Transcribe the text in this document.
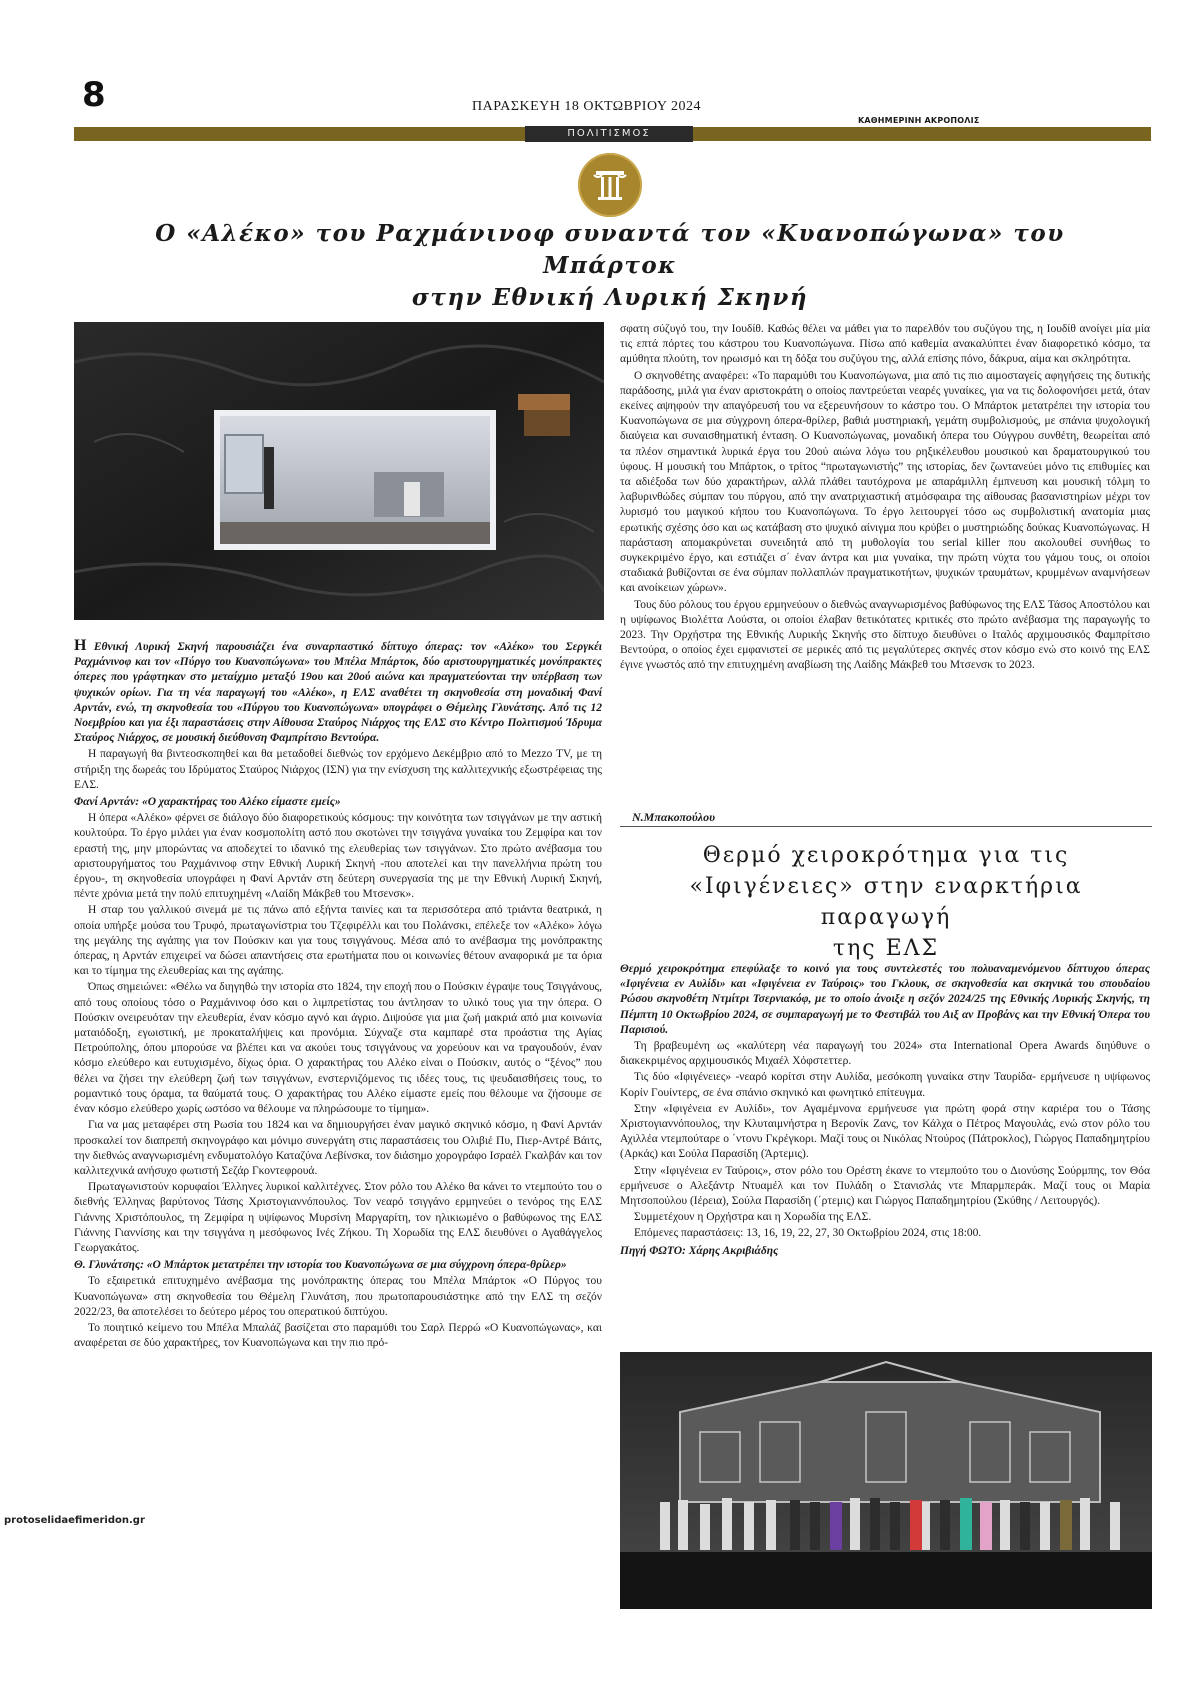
8	ΠΑΡΑΣΚΕΥΗ 18 ΟΚΤΩΒΡΙΟΥ 2024
ΚΑΘΗΜΕΡΙΝΗ ΑΚΡΟΠΟΛΙΣ
ΠΟΛΙΤΙΣΜΟΣ
Ο «Αλέκο» του Ραχμάνινοφ συναντά τον «Κυανοπώγωνα» του Μπάρτοκ
στην Εθνική Λυρική Σκηνή

Η Εθνική Λυρική Σκηνή παρουσιάζει ένα συναρπαστικό δίπτυχο όπερας: τον «Αλέκο» του Σεργκέι Ραχμάνινοφ και τον «Πύργο του Κυανοπώγωνα» του Μπέλα Μπάρτοκ, δύο αριστουργηματικές μονόπρακτες όπερες που γράφτηκαν στο μεταίχμιο μεταξύ 19ου και 20ού αιώνα και πραγματεύονται την υπέρβαση των ψυχικών ορίων. Για τη νέα παραγωγή του «Αλέκο», η ΕΛΣ αναθέτει τη σκηνοθεσία στη μοναδική Φανί Αρντάν, ενώ, τη σκηνοθεσία του «Πύργου του Κυανοπώγωνα» υπογράφει ο Θέμελης Γλυνάτσης. Από τις 12 Νοεμβρίου και για έξι παραστάσεις στην Αίθουσα Σταύρος Νιάρχος της ΕΛΣ στο Κέντρο Πολιτισμού Ίδρυμα Σταύρος Νιάρχος, σε μουσική διεύθυνση Φαμπρίτσιο Βεντούρα.

Η παραγωγή θα βιντεοσκοπηθεί και θα μεταδοθεί διεθνώς τον ερχόμενο Δεκέμβριο από το Mezzo TV, με τη στήριξη της δωρεάς του Ιδρύματος Σταύρος Νιάρχος (ΙΣΝ) για την ενίσχυση της καλλιτεχνικής εξωστρέφειας της ΕΛΣ.

Φανί Αρντάν: «Ο χαρακτήρας του Αλέκο είμαστε εμείς»

Η όπερα «Αλέκο» φέρνει σε διάλογο δύο διαφορετικούς κόσμους: την κοινότητα των τσιγγάνων με την αστική κουλτούρα. Το έργο μιλάει για έναν κοσμοπολίτη αστό που σκοτώνει την τσιγγάνα γυναίκα του Ζεμφίρα και τον εραστή της, μην μπορώντας να αποδεχτεί το ιδανικό της ελευθερίας των τσιγγάνων. Στο πρώτο ανέβασμα του αριστουργήματος του Ραχμάνινοφ στην Εθνική Λυρική Σκηνή -που αποτελεί και την πανελλήνια πρώτη του έργου-, τη σκηνοθεσία υπογράφει η Φανί Αρντάν στη δεύτερη συνεργασία της με την Εθνική Λυρική Σκηνή, πέντε χρόνια μετά την πολύ επιτυχημένη «Λαίδη Μάκβεθ του Μτσενσκ».

Η σταρ του γαλλικού σινεμά με τις πάνω από εξήντα ταινίες και τα περισσότερα από τριάντα θεατρικά, η οποία υπήρξε μούσα του Τρυφό, πρωταγωνίστρια του Τζεφιρέλλι και του Πολάνσκι, επέλεξε τον «Αλέκο» λόγω της μεγάλης της αγάπης για τον Πούσκιν και για τους τσιγγάνους. Μέσα από το ανέβασμα της μονόπρακτης όπερας, η Αρντάν επιχειρεί να δώσει απαντήσεις στα ερωτήματα που οι κοινωνίες θέτουν αναφορικά με τα όρια και το τίμημα της ελευθερίας και της αγάπης.

Όπως σημειώνει: «Θέλω να διηγηθώ την ιστορία στο 1824, την εποχή που ο Πούσκιν έγραψε τους Τσιγγάνους, από τους οποίους τόσο ο Ραχμάνινοφ όσο και ο λιμπρετίστας του άντλησαν το υλικό τους για την όπερα. Ο Πούσκιν ονειρευόταν την ελευθερία, έναν κόσμο αγνό και άγριο. Διψούσε για μια ζωή μακριά από μια κοινωνία ματαιόδοξη, εγωιστική, με προκαταλήψεις και προνόμια. Σύχναζε στα καμπαρέ στα προάστια της Αγίας Πετρούπολης, όπου μπορούσε να βλέπει και να ακούει τους τσιγγάνους να χορεύουν και να τραγουδούν, έναν κόσμο ελεύθερο και ευτυχισμένο, δίχως όρια. Ο χαρακτήρας του Αλέκο είναι ο Πούσκιν, αυτός ο “ξένος” που θέλει να ζήσει την ελεύθερη ζωή των τσιγγάνων, ενστερνιζόμενος τις ιδέες τους, τις ψευδαισθήσεις τους, το ρομαντικό τους όραμα, τα θαύματά τους. Ο χαρακτήρας του Αλέκο είμαστε εμείς που θέλουμε να ζήσουμε σε έναν κόσμο ελεύθερο χωρίς ωστόσο να θέλουμε να πληρώσουμε το τίμημα».

Για να μας μεταφέρει στη Ρωσία του 1824 και να δημιουργήσει έναν μαγικό σκηνικό κόσμο, η Φανί Αρντάν προσκαλεί τον διαπρεπή σκηνογράφο και μόνιμο συνεργάτη στις παραστάσεις του Ολιβιέ Πυ, Πιερ-Αντρέ Βάιτς, την διεθνώς αναγνωρισμένη ενδυματολόγο Καταζύνα Λεβίνσκα, τον διάσημο χορογράφο Ισραέλ Γκαλβάν και τον καλλιτεχνικά ανήσυχο φωτιστή Σεζάρ Γκοντεφρουά.

Πρωταγωνιστούν κορυφαίοι Έλληνες λυρικοί καλλιτέχνες. Στον ρόλο του Αλέκο θα κάνει το ντεμπούτο του ο διεθνής Έλληνας βαρύτονος Τάσης Χριστογιαννόπουλος. Τον νεαρό τσιγγάνο ερμηνεύει ο τενόρος της ΕΛΣ Γιάννης Χριστόπουλος, τη Ζεμφίρα η υψίφωνος Μυρσίνη Μαργαρίτη, τον ηλικιωμένο ο βαθύφωνος της ΕΛΣ Γιάννης Γιαννίσης και την τσιγγάνα η μεσόφωνος Ινές Ζήκου. Τη Χορωδία της ΕΛΣ διευθύνει ο Αγαθάγγελος Γεωργακάτος.

Θ. Γλυνάτσης: «Ο Μπάρτοκ μετατρέπει την ιστορία του Κυανοπώγωνα σε μια σύγχρονη όπερα-θρίλερ»

Το εξαιρετικά επιτυχημένο ανέβασμα της μονόπρακτης όπερας του Μπέλα Μπάρτοκ «Ο Πύργος του Κυανοπώγωνα» στη σκηνοθεσία του Θέμελη Γλυνάτση, που πρωτοπαρουσιάστηκε από την ΕΛΣ τη σεζόν 2022/23, θα αποτελέσει το δεύτερο μέρος του οπερατικού διπτύχου.

Το ποιητικό κείμενο του Μπέλα Μπαλάζ βασίζεται στο παραμύθι του Σαρλ Περρώ «Ο Κυανοπώγωνας», και αναφέρεται σε δύο χαρακτήρες, τον Κυανοπώγωνα και την πιο πρό-

σφατη σύζυγό του, την Ιουδίθ. Καθώς θέλει να μάθει για το παρελθόν του συζύγου της, η Ιουδίθ ανοίγει μία μία τις επτά πόρτες του κάστρου του Κυανοπώγωνα. Πίσω από καθεμία ανακαλύπτει έναν διαφορετικό κόσμο, τα αμύθητα πλούτη, τον ηρωισμό και τη δόξα του συζύγου της, αλλά επίσης πόνο, δάκρυα, αίμα και σκληρότητα.

Ο σκηνοθέτης αναφέρει: «Το παραμύθι του Κυανοπώγωνα, μια από τις πιο αιμοσταγείς αφηγήσεις της δυτικής παράδοσης, μιλά για έναν αριστοκράτη ο οποίος παντρεύεται νεαρές γυναίκες, για να τις δολοφονήσει μετά, όταν εκείνες αψηφούν την απαγόρευσή του να εξερευνήσουν το κάστρο του. Ο Μπάρτοκ μετατρέπει την ιστορία του Κυανοπώγωνα σε μια σύγχρονη όπερα-θρίλερ, βαθιά μυστηριακή, γεμάτη συμβολισμούς, με σπάνια ψυχολογική διαύγεια και συναισθηματική ένταση. Ο Κυανοπώγωνας, μοναδική όπερα του Ούγγρου συνθέτη, θεωρείται από τα πλέον σημαντικά λυρικά έργα του 20ού αιώνα λόγω του ρηξικέλευθου μουσικού και δραματουργικού του ύφους. Η μουσική του Μπάρτοκ, ο τρίτος “πρωταγωνιστής” της ιστορίας, δεν ζωντανεύει μόνο τις επιθυμίες και τα αδιέξοδα των δύο χαρακτήρων, αλλά πλάθει ταυτόχρονα με απαράμιλλη έμπνευση και μουσική τόλμη το λαβυρινθώδες σύμπαν του πύργου, από την ανατριχιαστική ατμόσφαιρα της αίθουσας βασανιστηρίων μέχρι τον λυρισμό του μαγικού κήπου του Κυανοπώγωνα. Το έργο λειτουργεί τόσο ως συμβολιστική ανατομία μιας ερωτικής σχέσης όσο και ως κατάβαση στο ψυχικό αίνιγμα που κρύβει ο μυστηριώδης δούκας Κυανοπώγωνας. Η παράσταση απομακρύνεται συνειδητά από τη μυθολογία του serial killer που ακολουθεί συνήθως το συγκεκριμένο έργο, και εστιάζει σ΄ έναν άντρα και μια γυναίκα, την πρώτη νύχτα του γάμου τους, οι οποίοι σταδιακά βυθίζονται σε ένα σύμπαν πολλαπλών πραγματικοτήτων, ψυχικών τραυμάτων, κρυμμένων αναμνήσεων και ανοίκειων χώρων».

Τους δύο ρόλους του έργου ερμηνεύουν ο διεθνώς αναγνωρισμένος βαθύφωνος της ΕΛΣ Τάσος Αποστόλου και η υψίφωνος Βιολέττα Λούστα, οι οποίοι έλαβαν θετικότατες κριτικές στο πρώτο ανέβασμα της παραγωγής το 2023. Την Ορχήστρα της Εθνικής Λυρικής Σκηνής στο δίπτυχο διευθύνει ο Ιταλός αρχιμουσικός Φαμπρίτσιο Βεντούρα, ο οποίος έχει εμφανιστεί σε μερικές από τις μεγαλύτερες σκηνές στον κόσμο ενώ στο κοινό της ΕΛΣ έγινε γνωστός από την επιτυχημένη αναβίωση της Λαίδης Μάκβεθ του Μτσενσκ το 2023.

Ν.Μπακοπούλου
Θερμό χειροκρότημα για τις
«Ιφιγένειες» στην εναρκτήρια παραγωγή
της ΕΛΣ

Θερμό χειροκρότημα επεφύλαξε το κοινό για τους συντελεστές του πολυαναμενόμενου δίπτυχου όπερας «Ιφιγένεια εν Αυλίδι» και «Ιφιγένεια εν Ταύροις» του Γκλουκ, σε σκηνοθεσία και σκηνικά του σπουδαίου Ρώσου σκηνοθέτη Ντμίτρι Τσερνιακόφ, με το οποίο άνοιξε η σεζόν 2024/25 της Εθνικής Λυρικής Σκηνής, τη Πέμπτη 10 Οκτωβρίου 2024, σε συμπαραγωγή με το Φεστιβάλ του Αιξ αν Προβάνς και την Εθνική Όπερα του Παρισιού.

Τη βραβευμένη ως «καλύτερη νέα παραγωγή του 2024» στα International Opera Awards διηύθυνε ο διακεκριμένος αρχιμουσικός Μιχαέλ Χόφστεττερ.

Τις δύο «Ιφιγένειες» -νεαρό κορίτσι στην Αυλίδα, μεσόκοπη γυναίκα στην Ταυρίδα- ερμήνευσε η υψίφωνος Κορίν Γουίντερς, σε ένα σπάνιο σκηνικό και φωνητικό επίτευγμα.

Στην «Ιφιγένεια εν Αυλίδι», τον Αγαμέμνονα ερμήνευσε για πρώτη φορά στην καριέρα του ο Τάσης Χριστογιαννόπουλος, την Κλυταιμνήστρα η Βερονίκ Ζανς, τον Κάλχα ο Πέτρος Μαγουλάς, ενώ στον ρόλο του Αχιλλέα ντεμπούταρε ο ΄ντονυ Γκρέγκορι. Μαζί τους οι Νικόλας Ντούρος (Πάτροκλος), Γιώργος Παπαδημητρίου (Αρκάς) και Σούλα Παρασίδη (Άρτεμις).

Στην «Ιφιγένεια εν Ταύροις», στον ρόλο του Ορέστη έκανε το ντεμπούτο του ο Διονύσης Σούρμπης, τον Θόα ερμήνευσε ο Αλεξάντρ Ντυαμέλ και τον Πυλάδη ο Στανισλάς ντε Μπαρμπεράκ. Μαζί τους οι Μαρία Μητσοπούλου (Ιέρεια), Σούλα Παρασίδη (΄ρτεμις) και Γιώργος Παπαδημητρίου (Σκύθης / Λειτουργός).

Συμμετέχουν η Ορχήστρα και η Χορωδία της ΕΛΣ.

Επόμενες παραστάσεις: 13, 16, 19, 22, 27, 30 Οκτωβρίου 2024, στις 18:00.

Πηγή ΦΩΤΟ: Χάρης Ακριβιάδης

protoselidaefimeridon.gr
